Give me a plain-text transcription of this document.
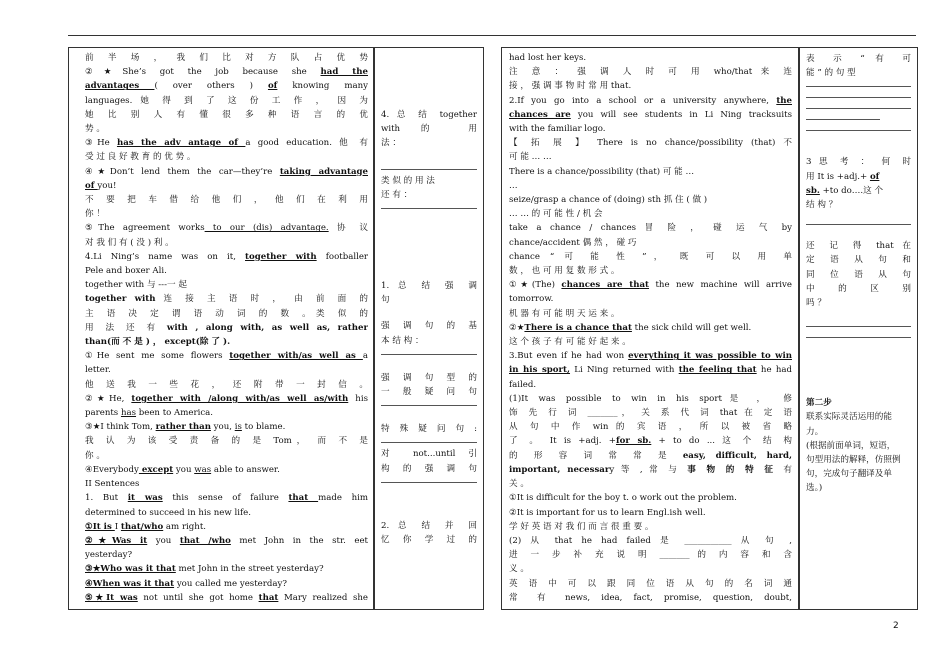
前 半 场 ， 我 们 比 对 方 队 占 优 势
②★She’s got the job because she had the
advantages ( over others ) of knowing many
languages. 她 得 到 了 这 份 工 作 ， 因 为
她 比 别 人 有 懂 很 多 种 语 言 的 优
势 。
③He has the adv antage of a good education. 他 有
受 过 良 好 教 育 的 优 势 。
④★Don’t lend them the car—they’re taking advantage
of you!
不 要 把 车 借 给 他 们 ， 他 们 在 利 用
你 ！
⑤The agreement works to our (dis) advantage. 协 议
对 我 们 有 ( 没 ) 利 。
4.Li Ning’s name was on it, together with footballer
Pele and boxer Ali.
together with 与 ---一 起
together with 连 接 主 语 时 ， 由 前 面 的
主 语 决 定 谓 语 动 词 的 数 。类 似 的
用 法 还 有 with , along with, as well as, rather
than(而 不 是 ) ， except(除 了 ).
①He sent me some flowers together with/as well as a
letter.
他 送 我 一 些 花 ， 还 附 带 一 封 信 。
②★He, together with /along with/as well as/with his
parents has been to America.
③★I think Tom, rather than you, is to blame.
我 认 为 该 受 责 备 的 是 Tom， 而 不 是
你 。
④Everybody except you was able to answer.
II Sentences
1. But it was this sense of failure that made him
determined to succeed in his new life.
①It is I that/who am right.
②★Was it you that /who met John in the str. eet
yesterday?
③★Who was it that met John in the street yesterday?
④When was it that you called me yesterday?
⑤★It was not until she got home that Mary realized she
4. 总 结 together
with 的 用
法 ：
类 似 的 用 法
还 有 ：
1. 总 结 强 调
句
强 调 句 的 基
本 结 构 ：
强 调 句 型 的
一 般 疑 问 句
特 殊 疑 问 句 :
对 not...until 引
构 的 强 调 句
2. 总 结 并 回
忆 你 学 过 的
had lost her keys.
注 意 ： 强 调 人 时 可 用 who/that 来 连
接 ， 强 调 事 物 时 常 用 that.
2.If you go into a school or a university anywhere, the
chances are you will see students in Li Ning tracksuits
with the familiar logo.
【 拓 展 】 There is no chance/possibility (that) 不
可 能 … …
There is a chance/possibility (that) 可 能 …
…
seize/grasp a chance of (doing) sth 抓 住 ( 做 )
… … 的 可 能 性 / 机 会
take a chance / chances 冒 险 ， 碰 运 气 by
chance/accident 偶 然 ， 碰 巧
chance “ 可 能 性 ”， 既 可 以 用 单
数 ， 也 可 用 复 数 形 式 。
①★(The) chances are that the new machine will arrive
tomorrow.
机 器 有 可 能 明 天 运 来 。
②★There is a chance that the sick child will get well.
这 个 孩 子 有 可 能 好 起 来 。
3.But even if he had won everything it was possible to win
in his sport, Li Ning returned with the feeling that he had
failed.
(1)It was possible to win in his sport是 ， 修
饰 先 行 词 _______， 关 系 代 词 that 在 定 语
从 句 中 作 win 的 宾 语 ， 所 以 被 省 略
了 。 It is +adj. +for sb. + to do ... 这 个 结 构
的 形 容 词 常 常 是 easy, difficult, hard,
important, necessary 等 , 常 与 事 物 的 特 征 有
关 。
①It is difficult for the boy t. o work out the problem.
②It is important for us to learn Engl.ish well.
学 好 英 语 对 我 们 而 言 很 重 要 。
(2) 从 that he had failed 是 ___________ 从 句 ,
进 一 步 补 充 说 明 _______ 的 内 容 和 含
义 。
英 语 中 可 以 跟 同 位 语 从 句 的 名 词 通
常 有 news, idea, fact, promise, question, doubt,
表 示 “ 有 可
能 ” 的 句 型
3 思 考 ： 何 时
用 It is +adj.+ of
sb. +to do….这 个
结 构 ？
还 记 得 that 在
定 语 从 句 和
同 位 语 从 句
中 的 区 别
吗 ？
第二步
联系实际灵活运用的能
力。
(根据前面单词，短语，
句型用法的解释，仿照例
句，完成句子翻译及单
选。)
2
